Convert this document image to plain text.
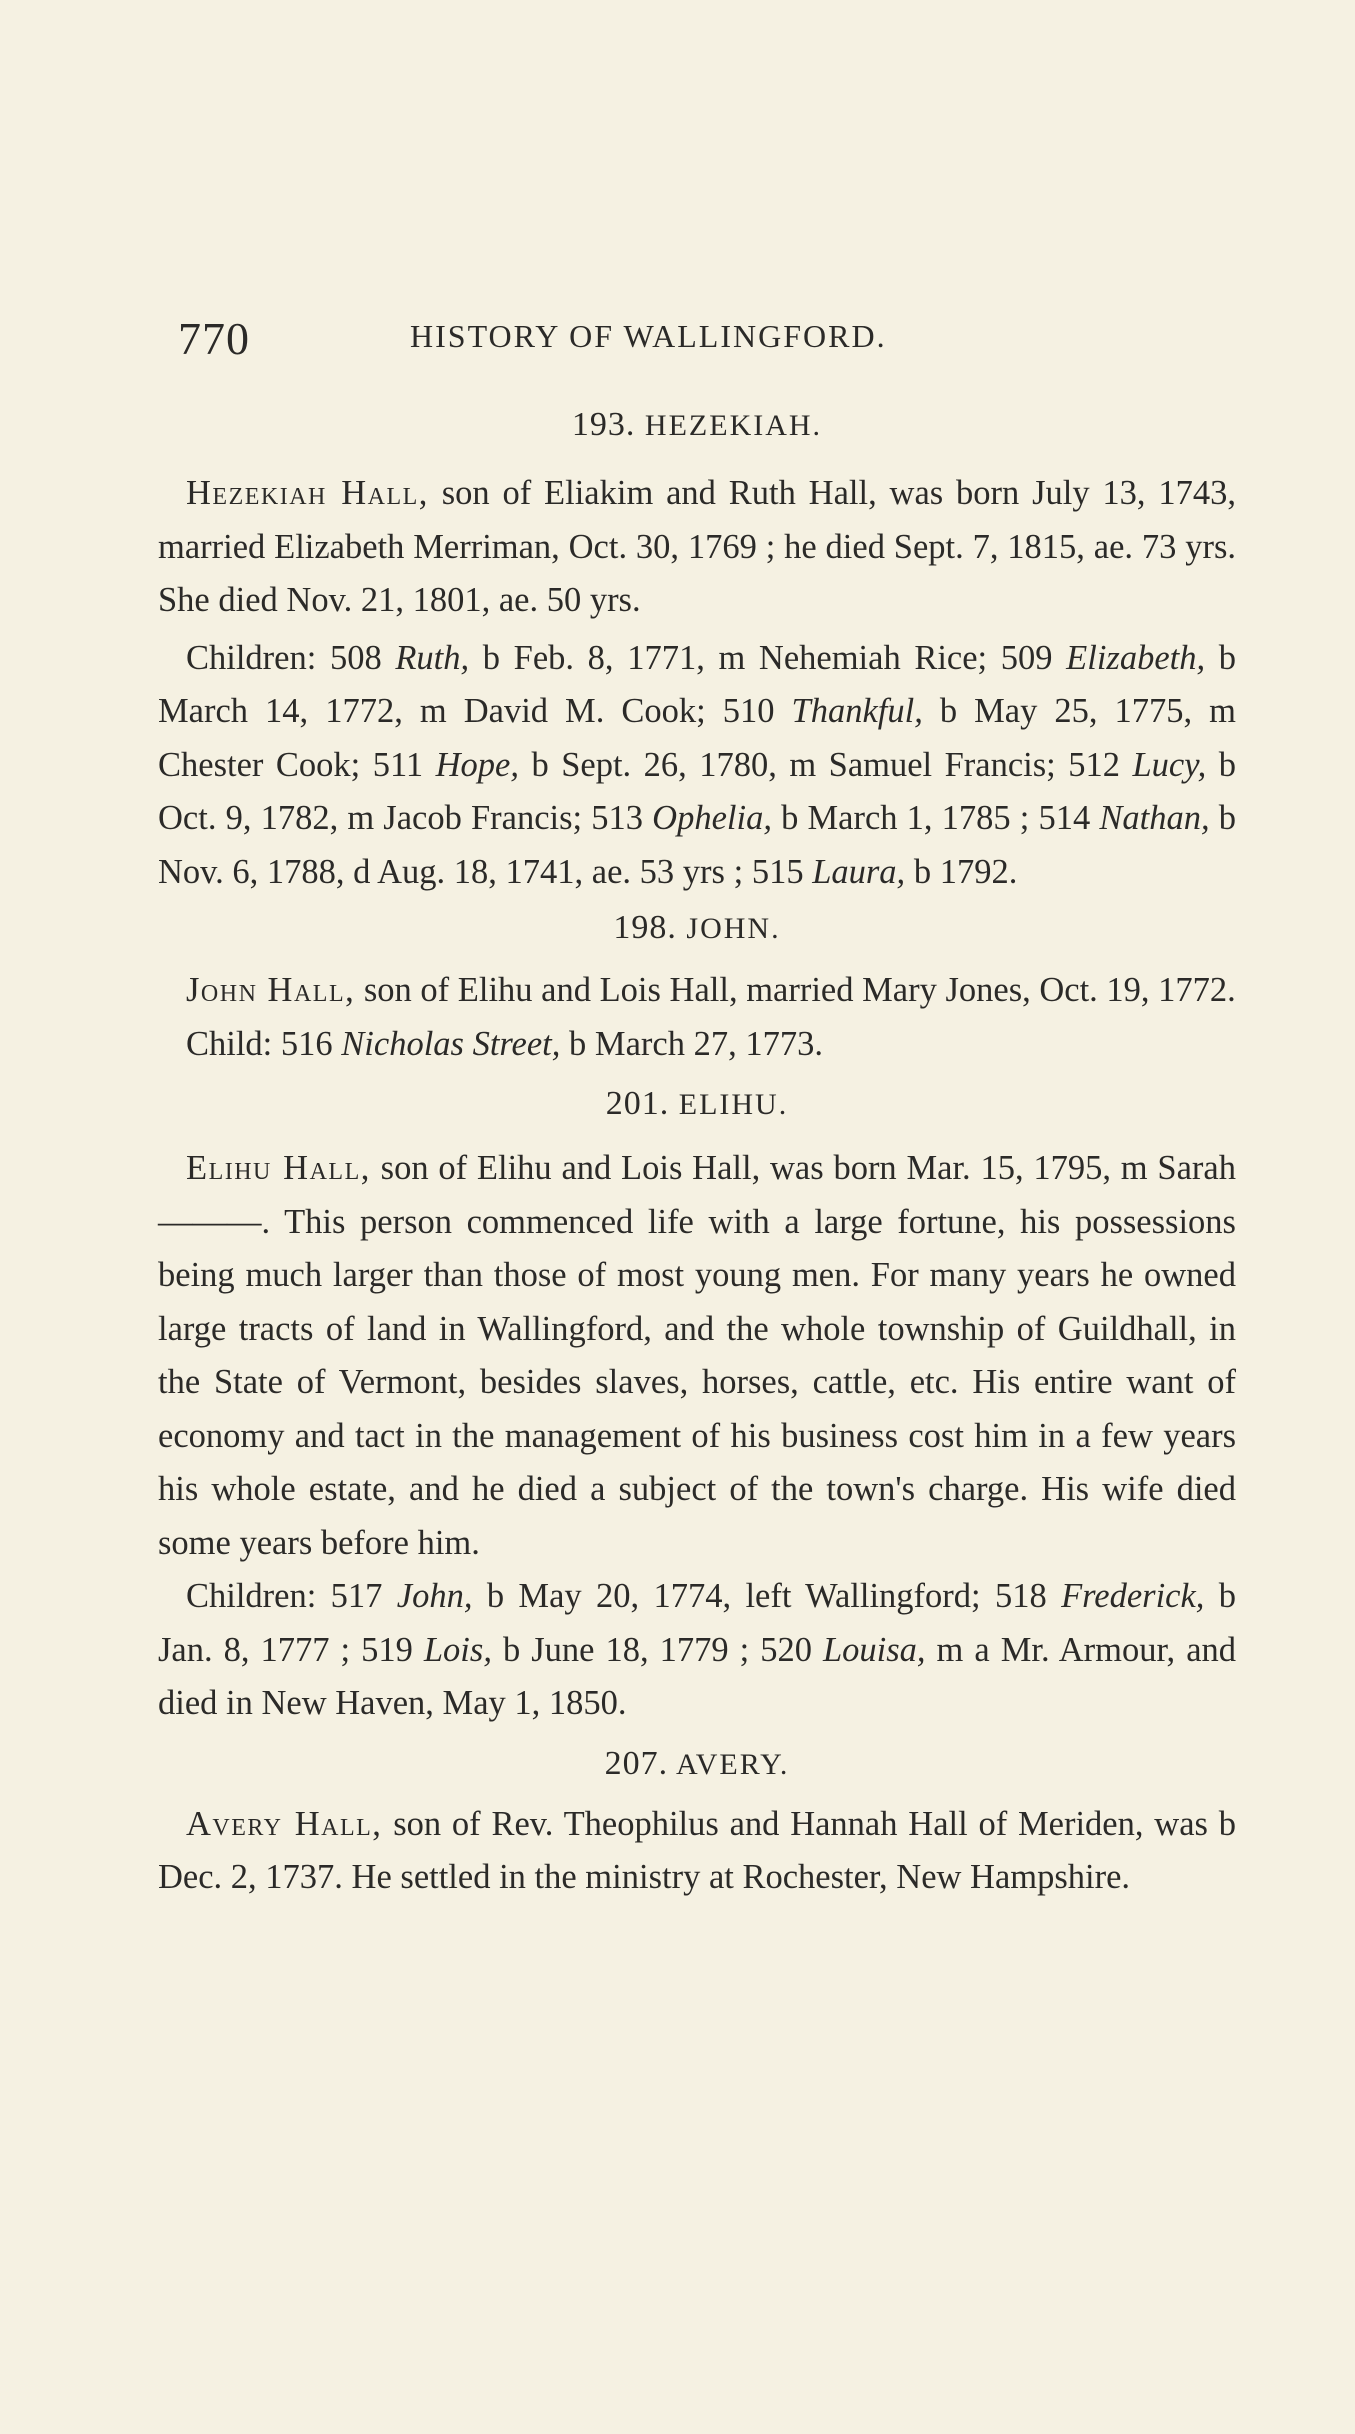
770	HISTORY OF WALLINGFORD.

193. HEZEKIAH.

Hezekiah Hall, son of Eliakim and Ruth Hall, was born July 13, 1743, married Elizabeth Merriman, Oct. 30, 1769 ; he died Sept. 7, 1815, ae. 73 yrs. She died Nov. 21, 1801, ae. 50 yrs.

Children: 508 Ruth, b Feb. 8, 1771, m Nehemiah Rice; 509 Elizabeth, b March 14, 1772, m David M. Cook; 510 Thankful, b May 25, 1775, m Chester Cook; 511 Hope, b Sept. 26, 1780, m Samuel Francis; 512 Lucy, b Oct. 9, 1782, m Jacob Francis; 513 Ophelia, b March 1, 1785 ; 514 Nathan, b Nov. 6, 1788, d Aug. 18, 1741, ae. 53 yrs ; 515 Laura, b 1792.

198. JOHN.

John Hall, son of Elihu and Lois Hall, married Mary Jones, Oct. 19, 1772.

Child: 516 Nicholas Street, b March 27, 1773.

201. ELIHU.

Elihu Hall, son of Elihu and Lois Hall, was born Mar. 15, 1795, m Sarah ———. This person commenced life with a large fortune, his possessions being much larger than those of most young men. For many years he owned large tracts of land in Wallingford, and the whole township of Guildhall, in the State of Vermont, besides slaves, horses, cattle, etc. His entire want of economy and tact in the management of his business cost him in a few years his whole estate, and he died a subject of the town's charge. His wife died some years before him.

Children: 517 John, b May 20, 1774, left Wallingford; 518 Frederick, b Jan. 8, 1777 ; 519 Lois, b June 18, 1779 ; 520 Louisa, m a Mr. Armour, and died in New Haven, May 1, 1850.

207. AVERY.

Avery Hall, son of Rev. Theophilus and Hannah Hall of Meriden, was b Dec. 2, 1737. He settled in the ministry at Rochester, New Hampshire.
